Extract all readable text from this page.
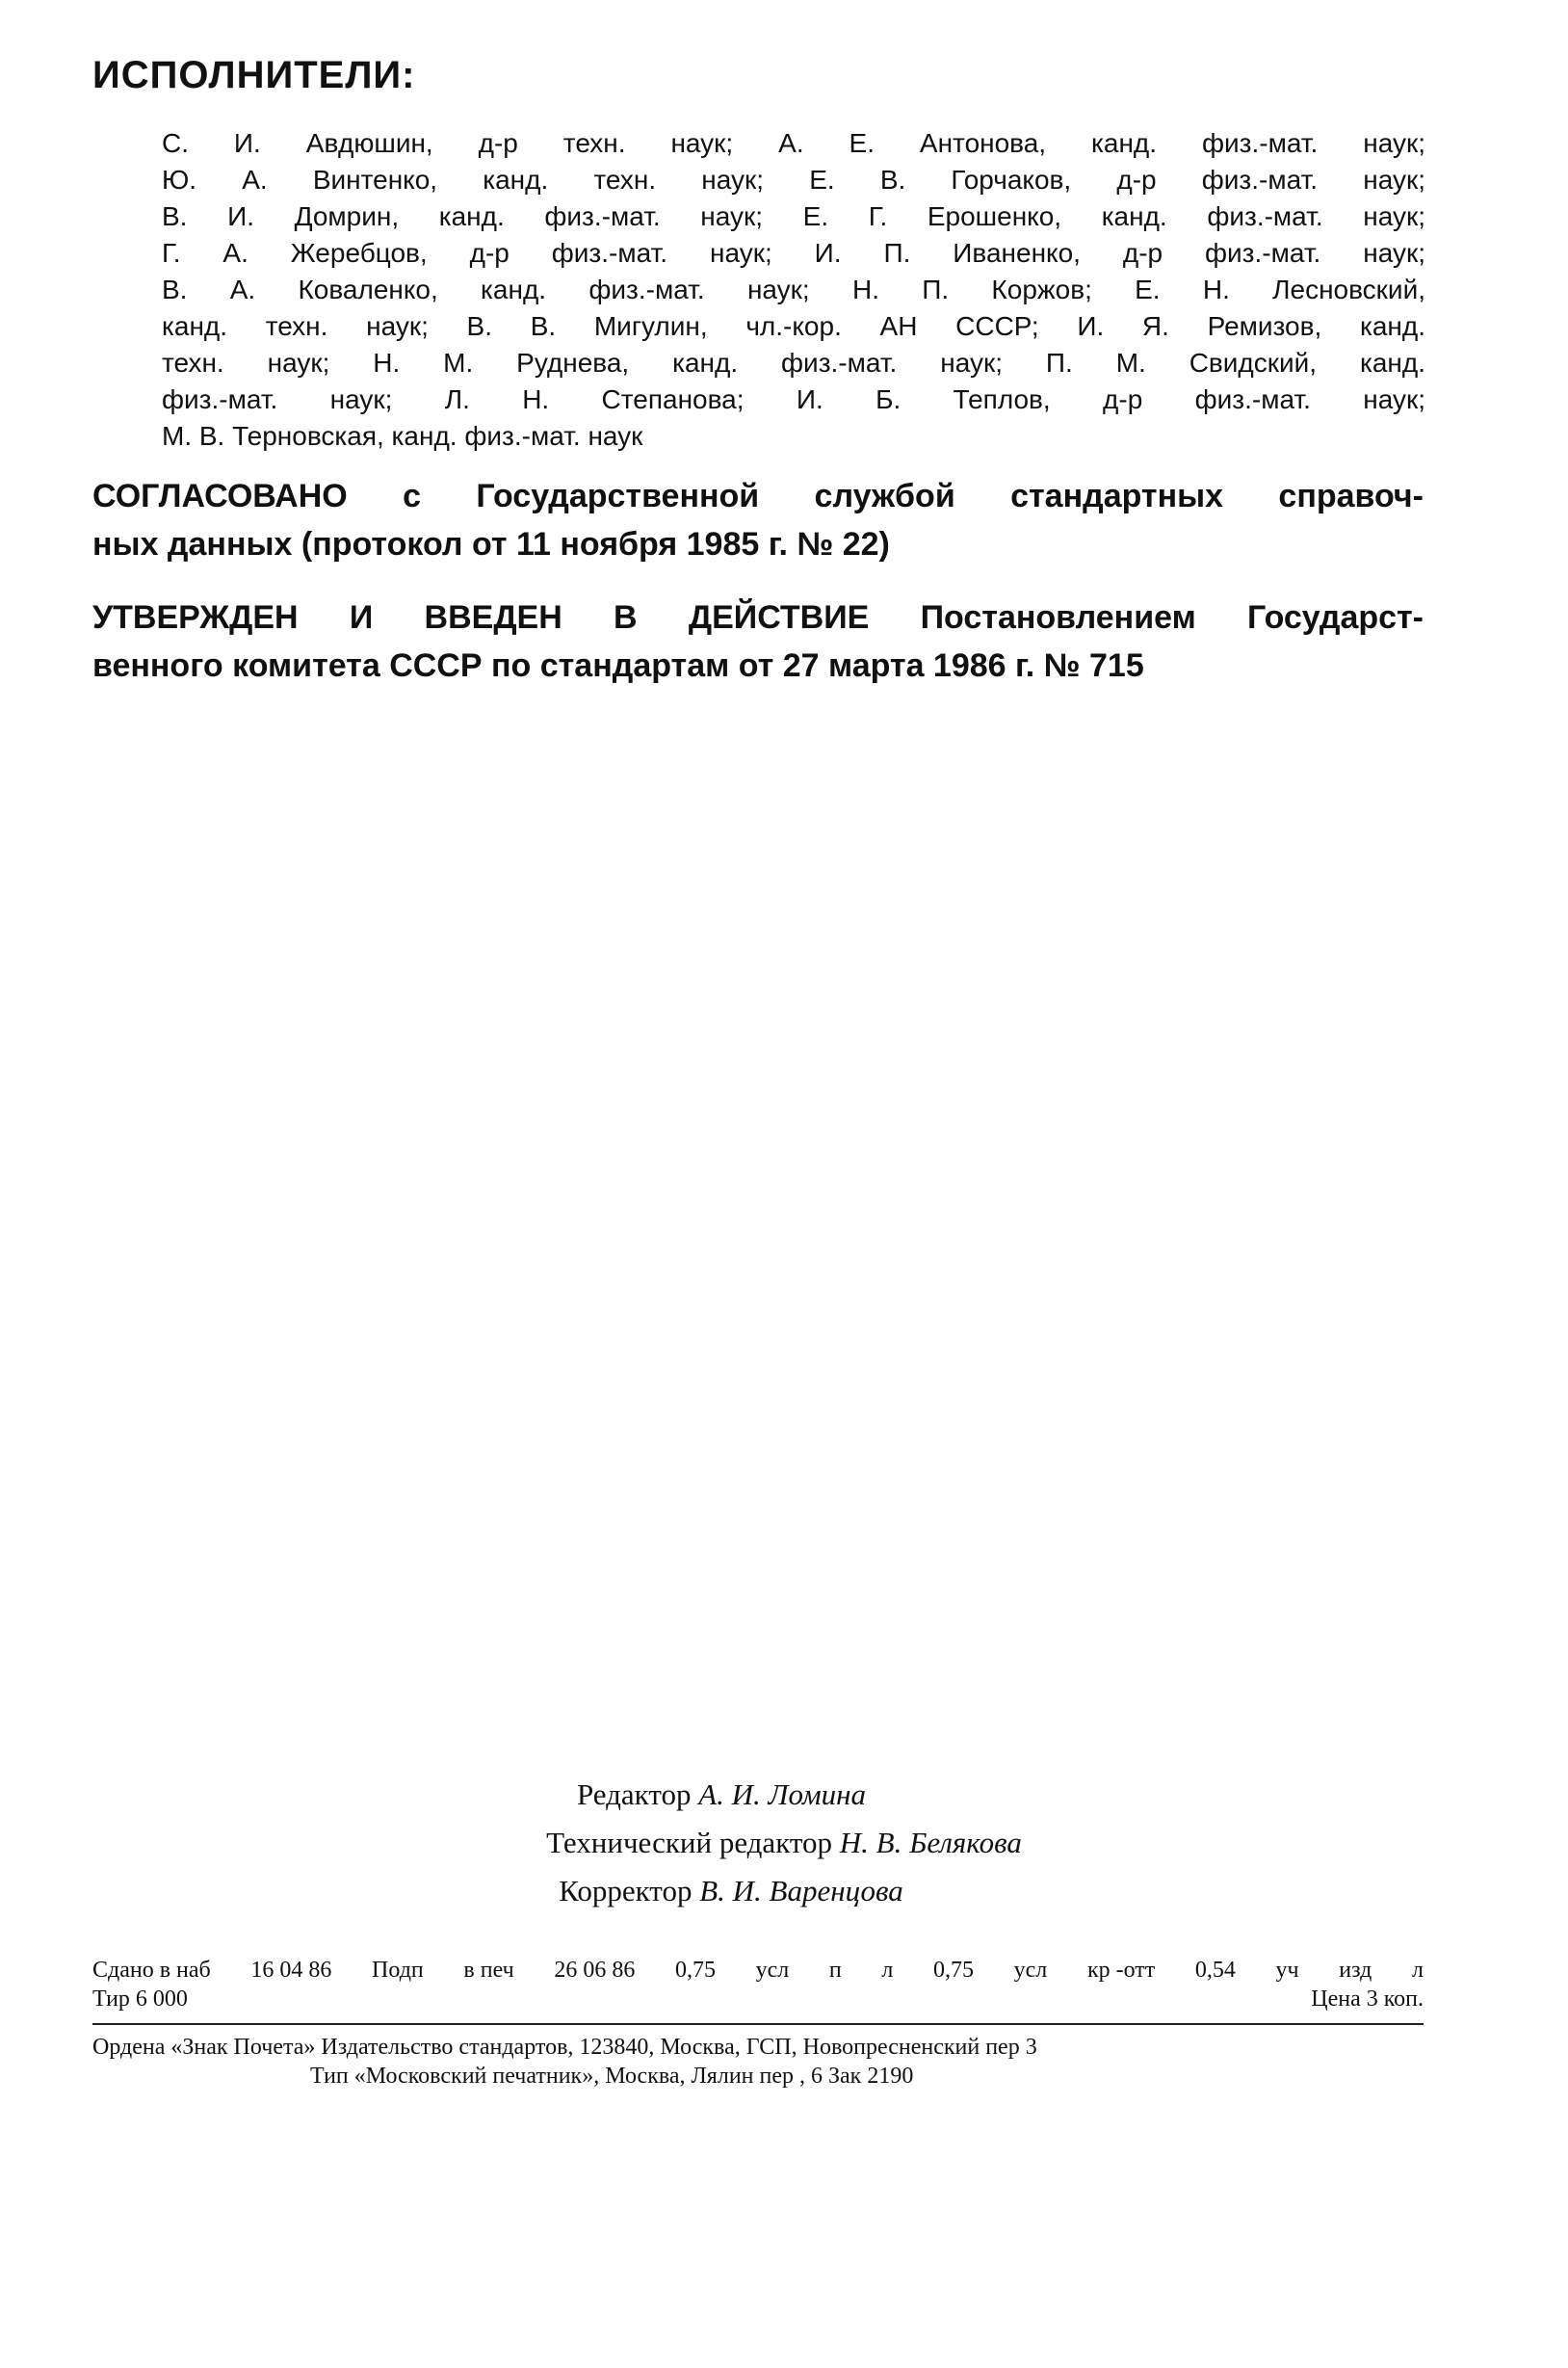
ИСПОЛНИТЕЛИ:
С. И. Авдюшин, д-р техн. наук; А. Е. Антонова, канд. физ.-мат. наук;
Ю. А. Винтенко, канд. техн. наук; Е. В. Горчаков, д-р физ.-мат. наук;
В. И. Домрин, канд. физ.-мат. наук; Е. Г. Ерошенко, канд. физ.-мат. наук;
Г. А. Жеребцов, д-р физ.-мат. наук; И. П. Иваненко, д-р физ.-мат. наук;
В. А. Коваленко, канд. физ.-мат. наук; Н. П. Коржов; Е. Н. Лесновский,
канд. техн. наук; В. В. Мигулин, чл.-кор. АН СССР; И. Я. Ремизов, канд.
техн. наук; Н. М. Руднева, канд. физ.-мат. наук; П. М. Свидский, канд.
физ.-мат. наук; Л. Н. Степанова; И. Б. Теплов, д-р физ.-мат. наук;
М. В. Терновская, канд. физ.-мат. наук
СОГЛАСОВАНО с Государственной службой стандартных справоч-
ных данных (протокол от 11 ноября 1985 г. № 22)
УТВЕРЖДЕН И ВВЕДЕН В ДЕЙСТВИЕ Постановлением Государст-
венного комитета СССР по стандартам от 27 марта 1986 г. № 715
Редактор А. И. Ломина
Технический редактор Н. В. Белякова
Корректор В. И. Варенцова
Сдано в наб 16 04 86 Подп в печ 26 06 86 0,75 усл п л 0,75 усл кр -отт 0,54 уч изд л
Тир 6 000	Цена 3 коп.
Ордена «Знак Почета» Издательство стандартов, 123840, Москва, ГСП, Новопресненский пер 3
Тип «Московский печатник», Москва, Лялин пер , 6 Зак 2190
